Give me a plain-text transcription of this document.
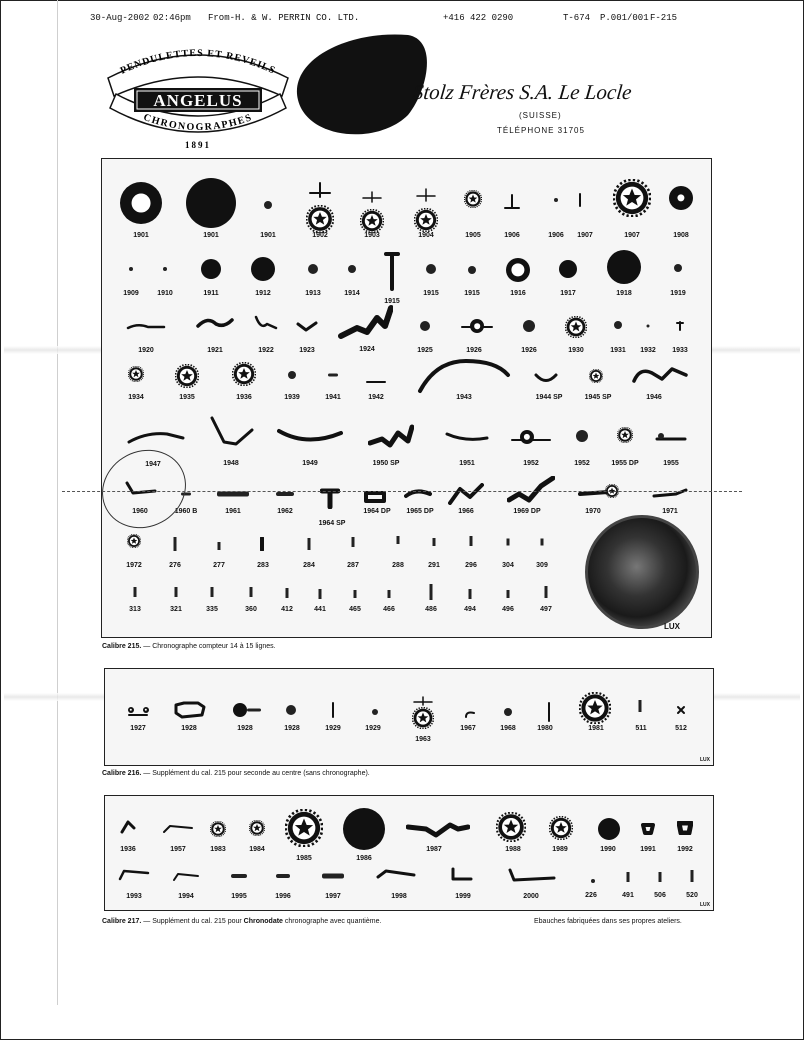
30-Aug-2002 02:46pm From-H. & W. PERRIN CO. LTD.	+416 422 0290	T-674 P.001/001 F-215
PENDULETTES ET REVEILS
CHRONOGRAPHES
ANGELUS
1891
Stolz Frères S.A. Le Locle
(SUISSE)
TÉLÉPHONE 31705
1901	1901	1901	1902	1903	1904	1905	1906	1906 1907	1907	1908
1909	1910	1911	1912	1913	1914
1915
1915	1915	1916	1917	1918	1919
1920	1921	1922	1923	1924	1925	1926	1926	1930	1931 1932 1933
1934	1935	1936	1939	1941	1942	1943	1944 SP	1945 SP	1946
1947	1948	1949	1950 SP	1951	1952	1952	1955 DP	1955
1960	1960 B	1961	1962
1964 SP
1964 DP 1965 DP	1966	1969 DP	1970	1971
1972	276	277	283	284	287	288	291	296	304	309
313	321	335	360	412	441	465	466	486	494	496	497
LUX
Calibre 215. — Chronographe compteur 14 à 15 lignes.
1927	1928	1928	1928	1929	1929
1963
1967	1968	1980	1981	511	512
LUX
Calibre 216. — Supplément du cal. 215 pour seconde au centre (sans chronographe).
1936	1957	1983	1984
1985	1986
1987	1988	1989	1990	1991	1992
1993	1994	1995	1996	1997	1998	1999	2000	226	491	506	520
LUX
Calibre 217. — Supplément du cal. 215 pour Chronodate chronographe avec quantième.	Ebauches fabriquées dans ses propres ateliers.
